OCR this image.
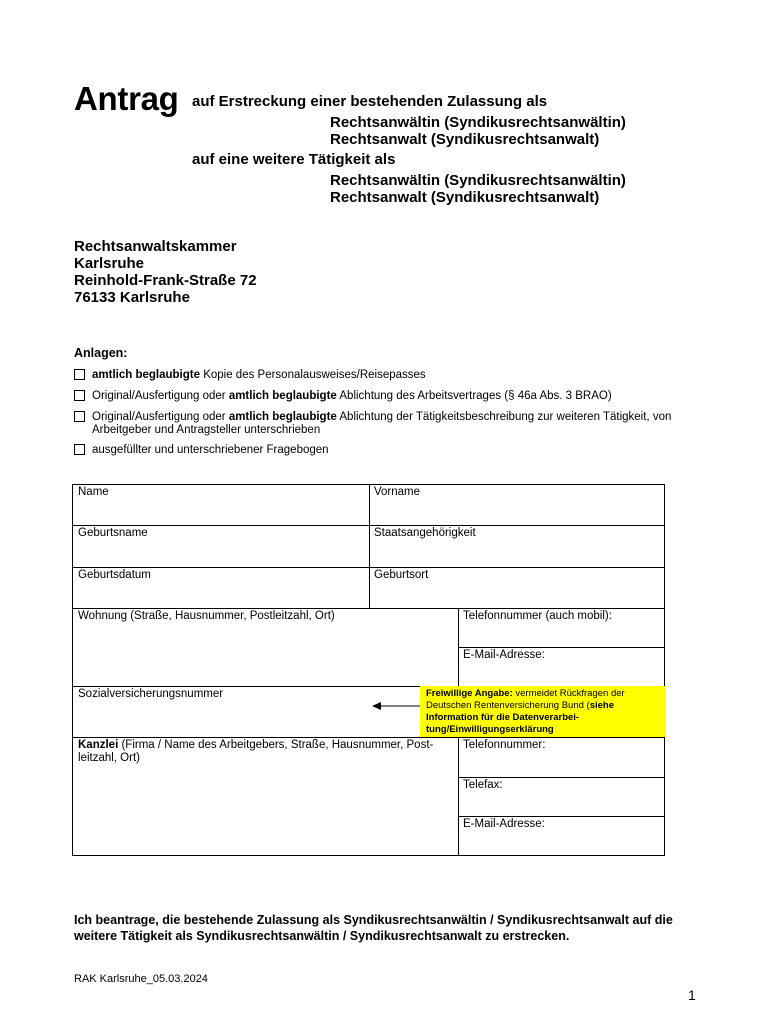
Antrag auf Erstreckung einer bestehenden Zulassung als
Rechtsanwältin (Syndikusrechtsanwältin)
Rechtsanwalt (Syndikusrechtsanwalt)
auf eine weitere Tätigkeit als
Rechtsanwältin (Syndikusrechtsanwältin)
Rechtsanwalt (Syndikusrechtsanwalt)
Rechtsanwaltskammer
Karlsruhe
Reinhold-Frank-Straße 72
76133 Karlsruhe
Anlagen:
amtlich beglaubigte Kopie des Personalausweises/Reisepasses
Original/Ausfertigung oder amtlich beglaubigte Ablichtung des Arbeitsvertrages (§ 46a Abs. 3 BRAO)
Original/Ausfertigung oder amtlich beglaubigte Ablichtung der Tätigkeitsbeschreibung zur weiteren Tätigkeit, von Arbeitgeber und Antragsteller unterschrieben
ausgefüllter und unterschriebener Fragebogen
Name	Vorname
Geburtsname	Staatsangehörigkeit
Geburtsdatum	Geburtsort
Wohnung (Straße, Hausnummer, Postleitzahl, Ort)	Telefonnummer (auch mobil):
E-Mail-Adresse:
Sozialversicherungsnummer	Freiwillige Angabe: vermeidet Rückfragen der Deutschen Rentenversicherung Bund (siehe Information für die Datenverarbei-tung/Einwilligungserklärung
Kanzlei (Firma / Name des Arbeitgebers, Straße, Hausnummer, Post-leitzahl, Ort)
Telefonnummer:
Telefax:
E-Mail-Adresse:
Ich beantrage, die bestehende Zulassung als Syndikusrechtsanwältin / Syndikusrechtsanwalt auf die weitere Tätigkeit als Syndikusrechtsanwältin / Syndikusrechtsanwalt zu erstrecken.
RAK Karlsruhe_05.03.2024
1
